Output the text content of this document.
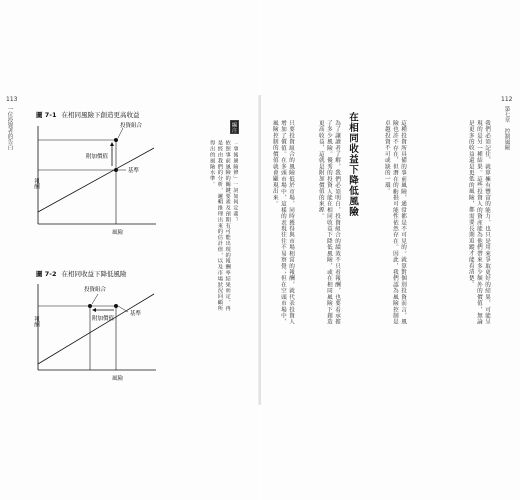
113
一位投資者的告白	圖 7-1 在相同風險下創造更高收益
投資組合
基準
附加價值
報酬
風險
圖 7-2 在相同收益下降低風險
投資組合
基準
附加價值
報酬
風險
編注
「事後風險修」一詞如何定義？
依照事前風險的關鍵要素及預期有可能出現的報酬率結果而定，再
是經由我們的分析，邏輯推理出來的估計值，以及市場狀況回顧所
得出的風險水準。
112
第七章　控制風險
我們必須記住，就算擁有豐富的能力，也只是用來爭取更好的結果，可能呈現的是另一種結果。這些投資人的資產能為他們帶來多少額外的價值，無論是更多的收益還是更低的風險，都需要長期追蹤才能看清楚。
這種投資所具備的事前風險，通常都是不可見的。就算對個別投資而言，風險也許不存在，但潛在的虧損可能性依然存在。因此，我們認為風險控制是卓越投資不可或缺的一環。
在相同收益下降低風險
為了讓讀者了解，我們必須明白，投資組合的績效不只看報酬，也要看承擔了多少風險。優秀的投資人能在相同收益下降低風險，或在相同風險下創造更高收益，這就是附加價值的來源。
只要投資組合的風險低於市場，同時獲得與市場相當的報酬，就代表投資人增加了價值。在多頭市場中，這樣的表現往往不易察覺；但在空頭市場中，風險控制的價值就會顯現出來。
